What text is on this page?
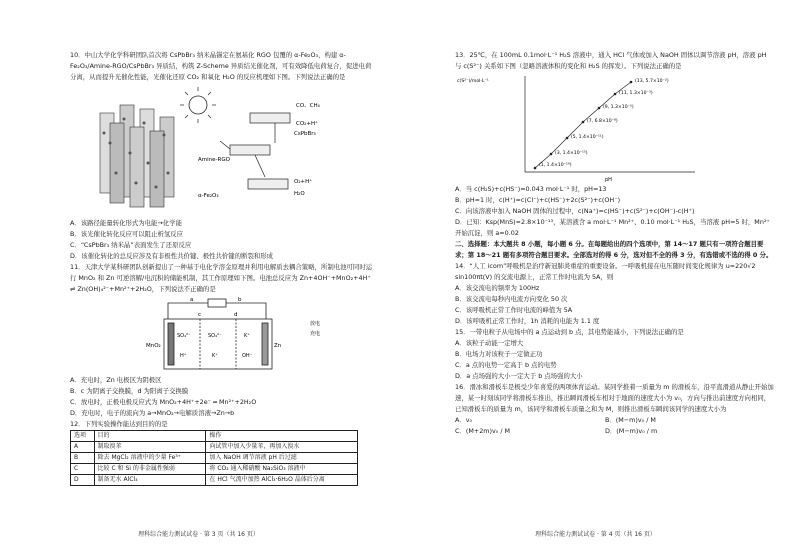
10．中山大学化学科研团队首次将 CsPbBr₃ 纳米晶锚定在氨基化 RGO 包覆的 α-Fe₂O₃，构建 α-Fe₂O₃/Amine-RGO/CsPbBr₃ 异质结，构筑 Z-Scheme 异质结光催化剂，可有效降低电荷复合，促进电荷分离，从而提升光催化性能，光催化还原 CO₂ 和氧化 H₂O 的反应机理如下图。下列说法正确的是

CO、CH₄
CO₂+H⁺
CsPbBr₃
Amine-RGO
α-Fe₂O₃
O₂+H⁺
H₂O

A．该路径能量转化形式为电能→化学能

B．该光催化转化反应可以阻止析氢反应

C．“CsPbBr₃ 纳米晶”表面发生了还原反应

D．该催化转化的总反应涉及有非极性共价键、极性共价键的断裂和形成

11．天津大学某科研团队创新提出了一种基于电化学溶金原理并利用电解质去耦合策略，所制电池可同时运行 MnO₂ 和 Zn 可逆溶解/电沉积的储能机制，其工作原理如下图。电池总反应为 Zn+4OH⁻+MnO₂+4H⁺ ⇌ Zn(OH)₄²⁻+Mn²⁺+2H₂O，下列说法不正确的是

a	b
c	d
MnO₂	Zn
SO₄²⁻
H⁺
SO₄²⁻
K⁺
K⁺
OH⁻
放电
充电

A．充电时，Zn 电极区为阴极区

B．c 为阴离子交换膜，d 为阳离子交换膜

C．放电时，正极电极反应式为 MnO₂+4H⁺+2e⁻ ═ Mn²⁺+2H₂O

D．充电时，电子的流向为 a→MnO₂→电解质溶液→Zn→b

12．下列实验操作能达到目的的是

选项	目的	操作
A	制取溴苯	向试管中加入少量苯，再加入溴水
B	除去 MgCl₂ 溶液中的少量 Fe³⁺	加入 NaOH 调节溶液 pH 后过滤
C	比较 C 和 Si 的非金属性强弱	将 CO₂ 通入稀硝酸 Na₂SiO₃ 溶液中
D	制备无水 AlCl₃	在 HCl 气流中加热 AlCl₃·6H₂O 晶体后分离
理科综合能力测试试卷 · 第 3 页（共 16 页）

13．25℃，在 100mL 0.1mol·L⁻¹ H₂S 溶液中，通入 HCl 气体或加入 NaOH 固体以调节溶液 pH，溶液 pH 与 c(S²⁻) 关系如下图（忽略溶液体积的变化和 H₂S 的挥发）。下列说法正确的是

(13, 5.7×10⁻²)
(11, 1.3×10⁻³)
(9, 1.3×10⁻⁵)
(7, 6.8×10⁻⁸)
(5, 1.4×10⁻¹¹)
(3, 1.4×10⁻¹⁵)
(1, 1.4×10⁻¹⁹)
c(S²⁻)/mol·L⁻¹
pH

A．当 c(H₂S)+c(HS⁻)=0.043 mol·L⁻¹ 时，pH=13

B．pH=1 时，c(H⁺)=c(Cl⁻)+c(HS⁻)+2c(S²⁻)+c(OH⁻)

C．向该溶液中加入 NaOH 固体的过程中，c(Na⁺)=c(HS⁻)+c(S²⁻)+c(OH⁻)-c(H⁺)

D．已知：Ksp(MnS)=2.8×10⁻¹³，某溶液含 a mol·L⁻¹ Mn²⁺、0.10 mol·L⁻¹ H₂S，当溶液 pH=5 时，Mn²⁺开始沉淀，则 a=0.02

二、选择题：本大题共 8 小题，每小题 6 分。在每题给出的四个选项中，第 14～17 题只有一项符合题目要求；第 18～21 题有多项符合题目要求。全部选对的得 6 分，选对但不全的得 3 分，有选错或不选的得 0 分。

14．“人工 icom”呼吸机是治疗新冠肺炎重症的重要设备。一呼吸机接在电压随时间变化规律为 u=220√2 sin100πt(V) 的交流电源上，正常工作时电流为 5A，则

A．该交流电的频率为 100Hz

B．该交流电每秒内电流方向变化 50 次

C．该呼吸机正常工作时电流的峰值为 5A

D．该呼吸机正常工作时，1h 消耗的电能为 1.1 度

15．一带电粒子从电场中的 a 点运动到 b 点，其电势能减小，下列说法正确的是

A．该粒子动能一定增大

B．电场力对该粒子一定做正功

C．a 点的电势一定高于 b 点的电势

D．a 点场强的大小一定大于 b 点场强的大小

16．滑冰和滑板车是极受少年喜爱的两项体育运动。某同学推着一质量为 m 的滑板车，沿平直滑道从静止开始加速，某一时刻该同学将滑板车推出，推出瞬间滑板车相对于地面的速度大小为 v₀，方向与推出前速度方向相同，已知滑板车的质量为 m，该同学和滑板车质量之和为 M，则推出滑板车瞬间该同学的速度大小为

A．v₀	B．(M−m)v₀ / M

C．(M+2m)v₀ / M	D．(M−m)v₀ / m

理科综合能力测试试卷 · 第 4 页（共 16 页）
